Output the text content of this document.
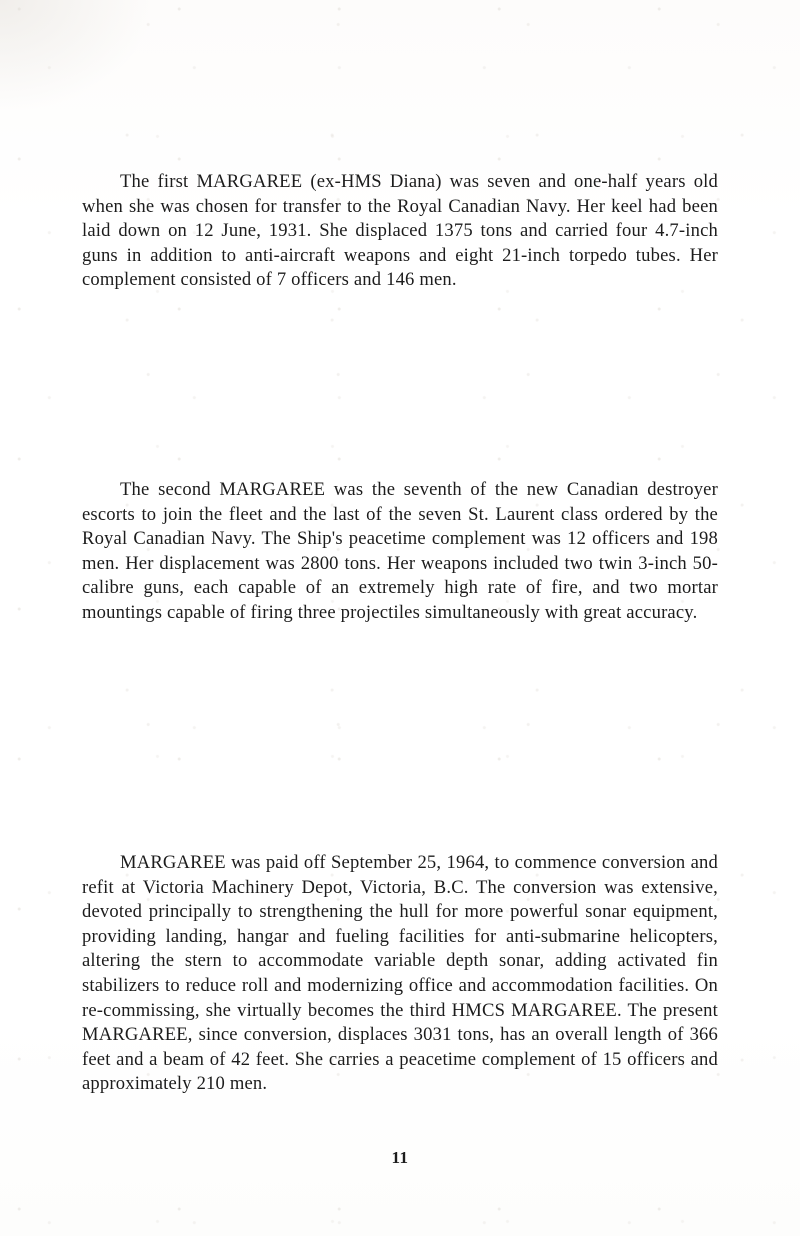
The first MARGAREE (ex-HMS Diana) was seven and one-half years old when she was chosen for transfer to the Royal Canadian Navy. Her keel had been laid down on 12 June, 1931. She displaced 1375 tons and carried four 4.7-inch guns in addition to anti-aircraft weapons and eight 21-inch torpedo tubes. Her complement consisted of 7 officers and 146 men.

The second MARGAREE was the seventh of the new Canadian destroyer escorts to join the fleet and the last of the seven St. Laurent class ordered by the Royal Canadian Navy. The Ship's peacetime complement was 12 officers and 198 men. Her displacement was 2800 tons. Her weapons included two twin 3-inch 50-calibre guns, each capable of an extremely high rate of fire, and two mortar mountings capable of firing three projectiles simultaneously with great accuracy.

MARGAREE was paid off September 25, 1964, to commence conversion and refit at Victoria Machinery Depot, Victoria, B.C. The conversion was extensive, devoted principally to strengthening the hull for more powerful sonar equipment, providing landing, hangar and fueling facilities for anti-submarine helicopters, altering the stern to accommodate variable depth sonar, adding activated fin stabilizers to reduce roll and modernizing office and accommodation facilities. On re-commissing, she virtually becomes the third HMCS MARGAREE. The present MARGAREE, since conversion, displaces 3031 tons, has an overall length of 366 feet and a beam of 42 feet. She carries a peacetime complement of 15 officers and approximately 210 men.

11
